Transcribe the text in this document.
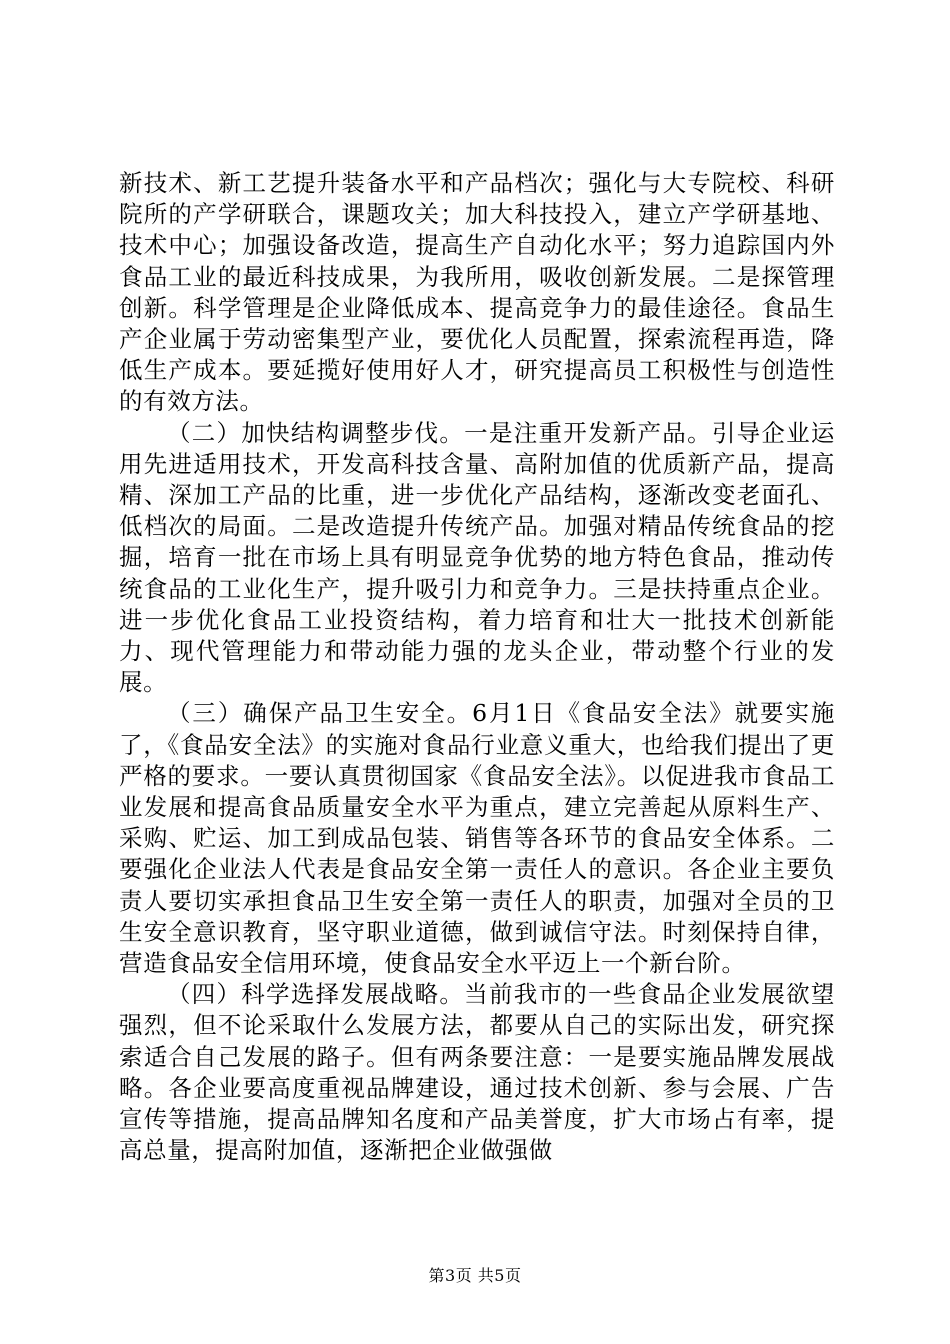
新技术、新工艺提升装备水平和产品档次；强化与大专院校、科研院所的产学研联合，课题攻关；加大科技投入，建立产学研基地、技术中心；加强设备改造，提高生产自动化水平；努力追踪国内外食品工业的最近科技成果，为我所用，吸收创新发展。二是探管理创新。科学管理是企业降低成本、提高竞争力的最佳途径。食品生产企业属于劳动密集型产业，要优化人员配置，探索流程再造，降低生产成本。要延揽好使用好人才，研究提高员工积极性与创造性的有效方法。

（二）加快结构调整步伐。一是注重开发新产品。引导企业运用先进适用技术，开发高科技含量、高附加值的优质新产品，提高精、深加工产品的比重，进一步优化产品结构，逐渐改变老面孔、低档次的局面。二是改造提升传统产品。加强对精品传统食品的挖掘，培育一批在市场上具有明显竞争优势的地方特色食品，推动传统食品的工业化生产，提升吸引力和竞争力。三是扶持重点企业。进一步优化食品工业投资结构，着力培育和壮大一批技术创新能力、现代管理能力和带动能力强的龙头企业，带动整个行业的发展。

（三）确保产品卫生安全。6月1日《食品安全法》就要实施了，《食品安全法》的实施对食品行业意义重大，也给我们提出了更严格的要求。一要认真贯彻国家《食品安全法》。以促进我市食品工业发展和提高食品质量安全水平为重点，建立完善起从原料生产、采购、贮运、加工到成品包装、销售等各环节的食品安全体系。二要强化企业法人代表是食品安全第一责任人的意识。各企业主要负责人要切实承担食品卫生安全第一责任人的职责，加强对全员的卫生安全意识教育，坚守职业道德，做到诚信守法。时刻保持自律，营造食品安全信用环境，使食品安全水平迈上一个新台阶。

（四）科学选择发展战略。当前我市的一些食品企业发展欲望强烈，但不论采取什么发展方法，都要从自己的实际出发，研究探索适合自己发展的路子。但有两条要注意：一是要实施品牌发展战略。各企业要高度重视品牌建设，通过技术创新、参与会展、广告宣传等措施，提高品牌知名度和产品美誉度，扩大市场占有率，提高总量，提高附加值，逐渐把企业做强做

第3页 共5页
